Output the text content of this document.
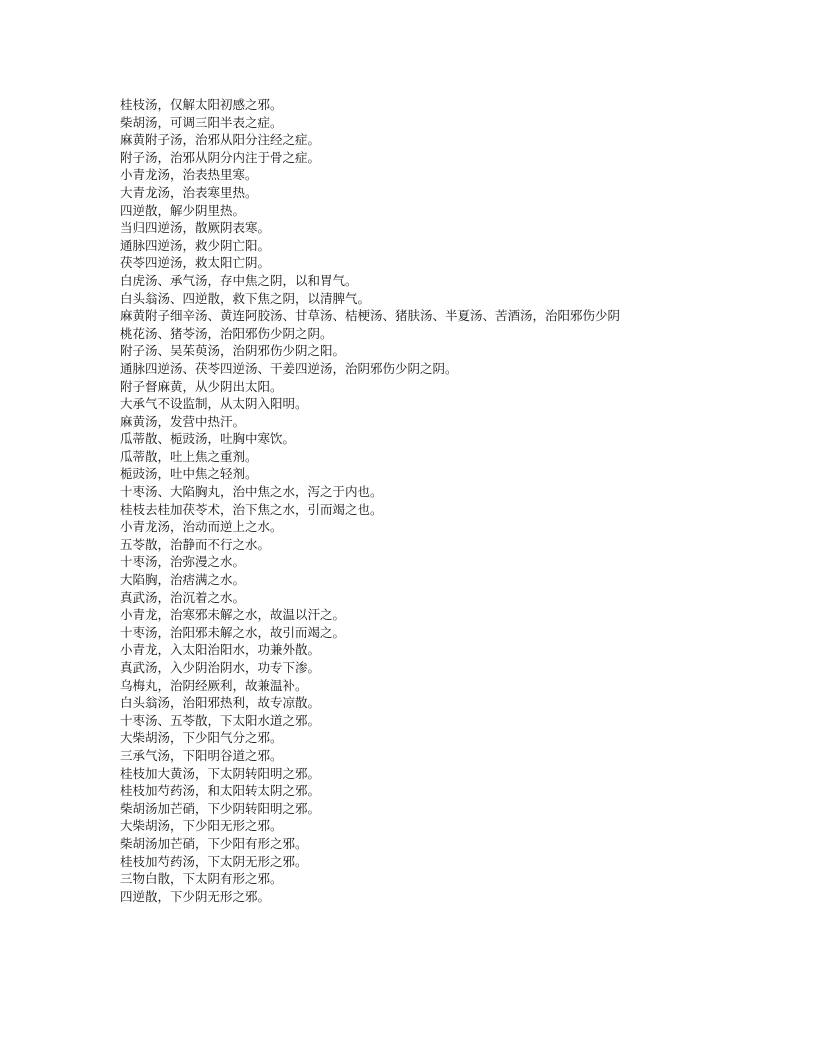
桂枝汤，仅解太阳初感之邪。
柴胡汤，可调三阳半表之症。
麻黄附子汤，治邪从阳分注经之症。
附子汤，治邪从阴分内注于骨之症。
小青龙汤，治表热里寒。
大青龙汤，治表寒里热。
四逆散，解少阴里热。
当归四逆汤，散厥阴表寒。
通脉四逆汤，救少阴亡阳。
茯苓四逆汤，救太阳亡阴。
白虎汤、承气汤，存中焦之阴，以和胃气。
白头翁汤、四逆散，救下焦之阴，以清脾气。
麻黄附子细辛汤、黄连阿胶汤、甘草汤、桔梗汤、猪肤汤、半夏汤、苦酒汤，治阳邪伤少阴
桃花汤、猪苓汤，治阳邪伤少阴之阴。
附子汤、吴茱萸汤，治阴邪伤少阴之阳。
通脉四逆汤、茯苓四逆汤、干姜四逆汤，治阴邪伤少阴之阴。
附子督麻黄，从少阴出太阳。
大承气不设监制，从太阴入阳明。
麻黄汤，发营中热汗。
瓜蒂散、栀豉汤，吐胸中寒饮。
瓜蒂散，吐上焦之重剂。
栀豉汤，吐中焦之轻剂。
十枣汤、大陷胸丸，治中焦之水，泻之于内也。
桂枝去桂加茯苓术，治下焦之水，引而竭之也。
小青龙汤，治动而逆上之水。
五苓散，治静而不行之水。
十枣汤，治弥漫之水。
大陷胸，治痞满之水。
真武汤，治沉着之水。
小青龙，治寒邪未解之水，故温以汗之。
十枣汤，治阳邪未解之水，故引而竭之。
小青龙，入太阳治阳水，功兼外散。
真武汤，入少阴治阴水，功专下渗。
乌梅丸，治阴经厥利，故兼温补。
白头翁汤，治阳邪热利，故专凉散。
十枣汤、五苓散，下太阳水道之邪。
大柴胡汤，下少阳气分之邪。
三承气汤，下阳明谷道之邪。
桂枝加大黄汤，下太阴转阳明之邪。
桂枝加芍药汤，和太阳转太阴之邪。
柴胡汤加芒硝，下少阴转阳明之邪。
大柴胡汤，下少阳无形之邪。
柴胡汤加芒硝，下少阳有形之邪。
桂枝加芍药汤，下太阴无形之邪。
三物白散，下太阴有形之邪。
四逆散，下少阴无形之邪。
